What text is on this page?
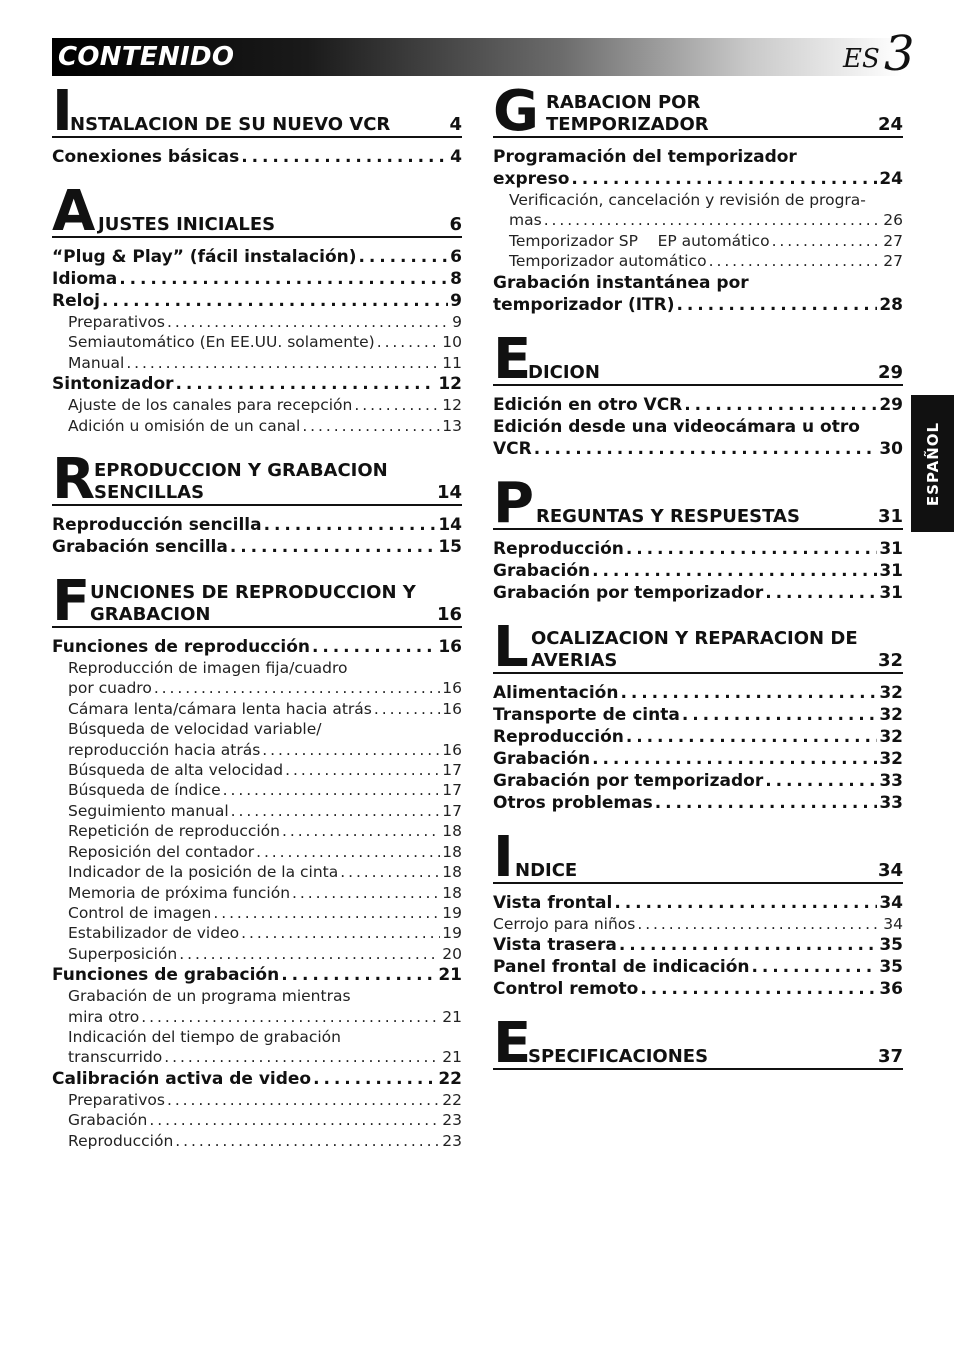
CONTENIDO	ES 3
ESPAÑOL
I
NSTALACION DE SU NUEVO VCR	4
Conexiones básicas . . .	4
A JUSTES INICIALES	6
“Plug & Play” (fácil instalación) . . .	6
Idioma . . .	8
Reloj . . .	9
Preparativos . . .	9
Semiautomático (En EE.UU. solamente) . . .	10
Manual . . .	11
Sintonizador . . .	12
Ajuste de los canales para recepción . . .	12
Adición u omisión de un canal . . .	13
R
EPRODUCCION Y GRABACION
SENCILLAS	14
Reproducción sencilla . . .	14
Grabación sencilla . . .	15
F UNCIONES DE REPRODUCCION Y
GRABACION	16
Funciones de reproducción . . .	16
Reproducción de imagen fija/cuadro
por cuadro . . .	16
Cámara lenta/cámara lenta hacia atrás . . .	16
Búsqueda de velocidad variable/
reproducción hacia atrás . . .	16
Búsqueda de alta velocidad . . .	17
Búsqueda de índice . . .	17
Seguimiento manual . . .	17
Repetición de reproducción . . .	18
Reposición del contador . . .	18
Indicador de la posición de la cinta . . .	18
Memoria de próxima función . . .	18
Control de imagen . . .	19
Estabilizador de video . . .	19
Superposición . . .	20
Funciones de grabación . . .	21
Grabación de un programa mientras
mira otro . . .	21
Indicación del tiempo de grabación
transcurrido . . .	21
Calibración activa de video . . .	22
Preparativos . . .	22
Grabación . . .	23
Reproducción . . .	23
G RABACION POR
TEMPORIZADOR	24
Programación del temporizador
expreso . . .	24
Verificación, cancelación y revisión de progra-
mas . . .	26
Temporizador SP    EP automático . . .	27
Temporizador automático . . .	27
Grabación instantánea por
temporizador (ITR) . . .	28
E
DICION	29
Edición en otro VCR . . .	29
Edición desde una videocámara u otro
VCR . . .	30
P REGUNTAS Y RESPUESTAS	31
Reproducción . . .	31
Grabación . . .	31
Grabación por temporizador . . .	31
L OCALIZACION Y REPARACION DE
AVERIAS	32
Alimentación . . .	32
Transporte de cinta . . .	32
Reproducción . . .	32
Grabación . . .	32
Grabación por temporizador . . .	33
Otros problemas . . .	33
I NDICE	34
Vista frontal . . .	34
Cerrojo para niños . . .	34
Vista trasera . . .	35
Panel frontal de indicación . . .	35
Control remoto . . .	36
E
SPECIFICACIONES	37
